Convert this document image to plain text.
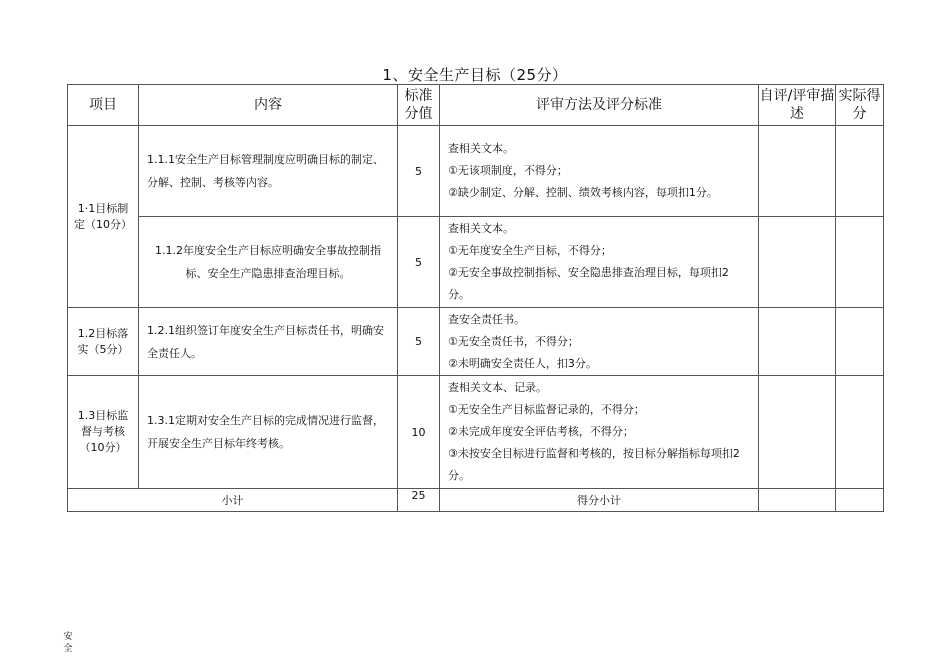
1、安全生产目标（25分）
项目	内容	标准分值	评审方法及评分标准	自评/评审描述	实际得分
1·1目标制定（10分）	1.1.1安全生产目标管理制度应明确目标的制定、分解、控制、考核等内容。	5	查相关文本。
①无该项制度，不得分；
②缺少制定、分解、控制、绩效考核内容，每项扣1分。		

	1.1.2年度安全生产目标应明确安全事故控制指标、安全生产隐患排查治理目标。	5	查相关文本。
①无年度安全生产目标，不得分；
②无安全事故控制指标、安全隐患排查治理目标，每项扣2分。		

1.2目标落实（5分）	1.2.1组织签订年度安全生产目标责任书，明确安全责任人。	5	查安全责任书。
①无安全责任书，不得分；
②未明确安全责任人，扣3分。		

1.3目标监督与考核（10分）	1.3.1定期对安全生产目标的完成情况进行监督，开展安全生产目标年终考核。	10	查相关文本、记录。
①无安全生产目标监督记录的，不得分；
②未完成年度安全评估考核，不得分；
③未按安全目标进行监督和考核的，按目标分解指标每项扣2分。		

小计		25	得分小计		
安全
